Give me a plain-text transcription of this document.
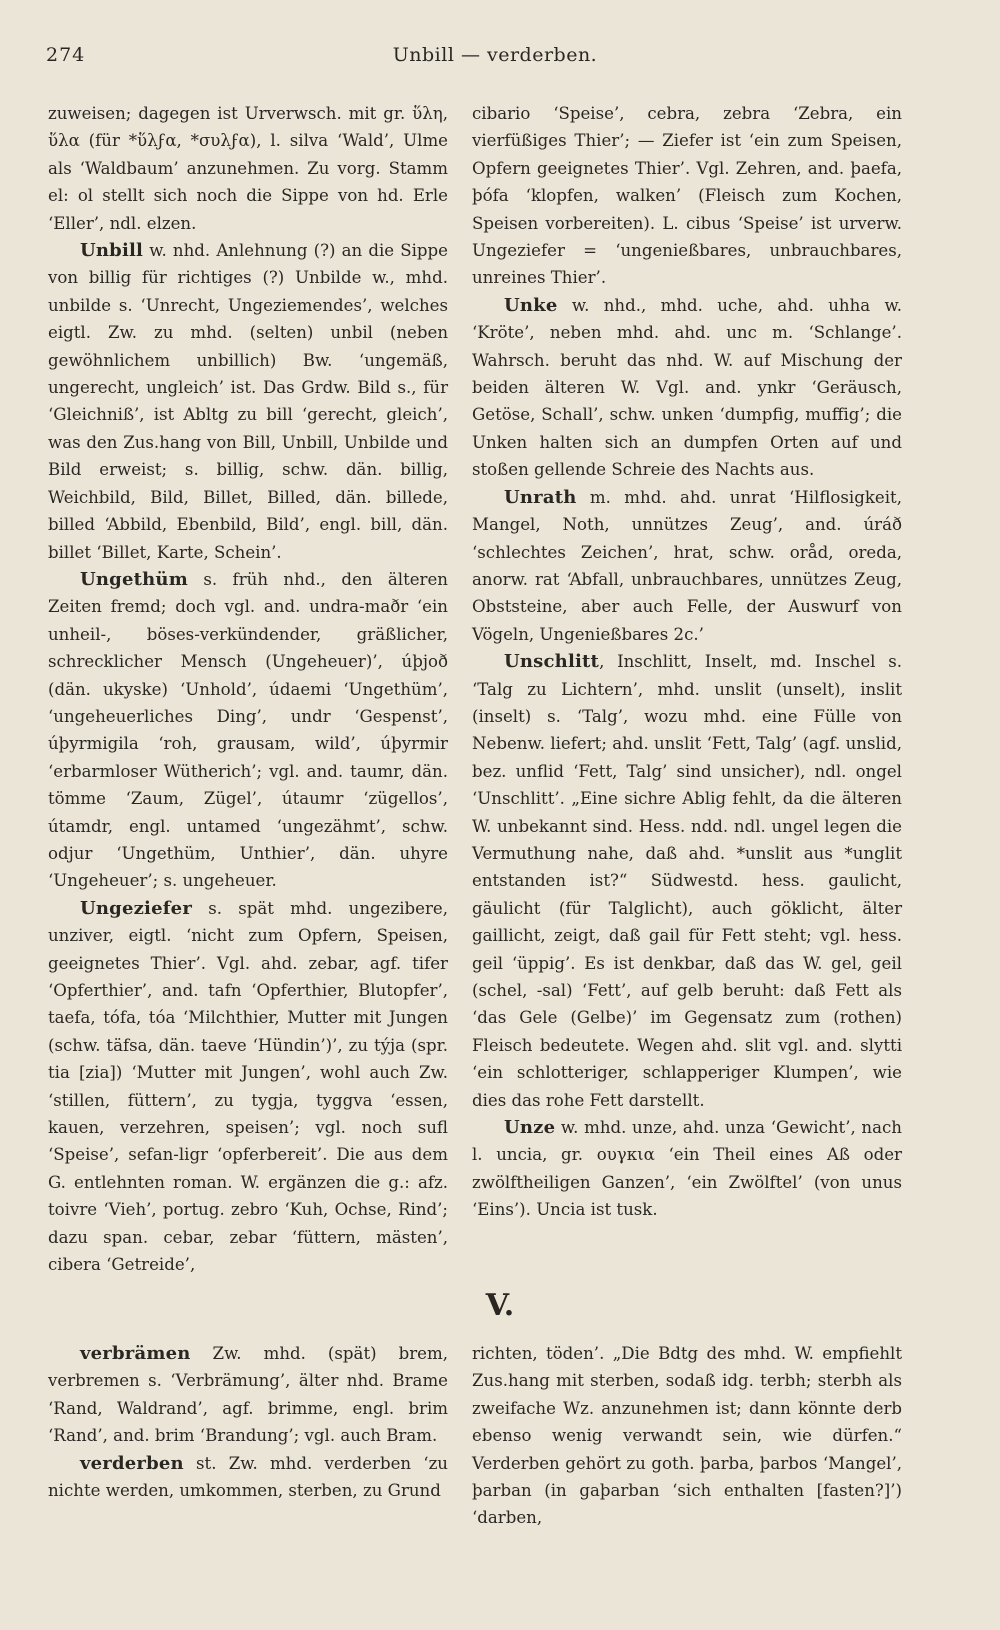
274	Unbill — verderben.

zuweisen; dagegen ist Urverwsch. mit gr. ὕλη, ὕλα (für *ὕλϝα, *συλϝα), l. silva ‘Wald’, Ulme als ‘Waldbaum’ anzunehmen. Zu vorg. Stamm el: ol stellt sich noch die Sippe von hd. Erle ‘Eller’, ndl. elzen.

Unbill w. nhd. Anlehnung (?) an die Sippe von billig für richtiges (?) Unbilde w., mhd. unbilde s. ‘Unrecht, Ungeziemendes’, welches eigtl. Zw. zu mhd. (selten) unbil (neben gewöhnlichem unbillich) Bw. ‘ungemäß, ungerecht, ungleich’ ist. Das Grdw. Bild s., für ‘Gleichniß’, ist Abltg zu bill ‘gerecht, gleich’, was den Zus.hang von Bill, Unbill, Unbilde und Bild erweist; s. billig, schw. dän. billig, Weichbild, Bild, Billet, Billed, dän. billede, billed ‘Abbild, Ebenbild, Bild’, engl. bill, dän. billet ‘Billet, Karte, Schein’.

Ungethüm s. früh nhd., den älteren Zeiten fremd; doch vgl. and. undra-maðr ‘ein unheil-, böses-verkündender, gräßlicher, schrecklicher Mensch (Ungeheuer)’, úþjoð (dän. ukyske) ‘Unhold’, údaemi ‘Ungethüm’, ‘ungeheuerliches Ding’, undr ‘Gespenst’, úþyrmigila ‘roh, grausam, wild’, úþyrmir ‘erbarmloser Wütherich’; vgl. and. taumr, dän. tömme ‘Zaum, Zügel’, útaumr ‘zügellos’, útamdr, engl. untamed ‘ungezähmt’, schw. odjur ‘Ungethüm, Unthier’, dän. uhyre ‘Ungeheuer’; s. ungeheuer.

Ungeziefer s. spät mhd. ungezibere, unziver, eigtl. ‘nicht zum Opfern, Speisen, geeignetes Thier’. Vgl. ahd. zebar, agf. tifer ‘Opferthier’, and. tafn ‘Opferthier, Blutopfer’, taefa, tófa, tóa ‘Milchthier, Mutter mit Jungen (schw. täfsa, dän. taeve ‘Hündin’)’, zu týja (spr. tia [zia]) ‘Mutter mit Jungen’, wohl auch Zw. ‘stillen, füttern’, zu tygja, tyggva ‘essen, kauen, verzehren, speisen’; vgl. noch sufl ‘Speise’, sefan-ligr ‘opferbereit’. Die aus dem G. entlehnten roman. W. ergänzen die g.: afz. toivre ‘Vieh’, portug. zebro ‘Kuh, Ochse, Rind’; dazu span. cebar, zebar ‘füttern, mästen’, cibera ‘Getreide’,

cibario ‘Speise’, cebra, zebra ‘Zebra, ein vierfüßiges Thier’; — Ziefer ist ‘ein zum Speisen, Opfern geeignetes Thier’. Vgl. Zehren, and. þaefa, þófa ‘klopfen, walken’ (Fleisch zum Kochen, Speisen vorbereiten). L. cibus ‘Speise’ ist urverw. Ungeziefer = ‘ungenießbares, unbrauchbares, unreines Thier’.

Unke w. nhd., mhd. uche, ahd. uhha w. ‘Kröte’, neben mhd. ahd. unc m. ‘Schlange’. Wahrsch. beruht das nhd. W. auf Mischung der beiden älteren W. Vgl. and. ynkr ‘Geräusch, Getöse, Schall’, schw. unken ‘dumpfig, muffig’; die Unken halten sich an dumpfen Orten auf und stoßen gellende Schreie des Nachts aus.

Unrath m. mhd. ahd. unrat ‘Hilflosigkeit, Mangel, Noth, unnützes Zeug’, and. úráð ‘schlechtes Zeichen’, hrat, schw. oråd, oreda, anorw. rat ‘Abfall, unbrauchbares, unnützes Zeug, Obststeine, aber auch Felle, der Auswurf von Vögeln, Ungenießbares 2c.’

Unschlitt, Inschlitt, Inselt, md. Inschel s. ‘Talg zu Lichtern’, mhd. unslit (unselt), inslit (inselt) s. ‘Talg’, wozu mhd. eine Fülle von Nebenw. liefert; ahd. unslit ‘Fett, Talg’ (agf. unslid, bez. unflid ‘Fett, Talg’ sind unsicher), ndl. ongel ‘Unschlitt’. „Eine sichre Ablig fehlt, da die älteren W. unbekannt sind. Hess. ndd. ndl. ungel legen die Vermuthung nahe, daß ahd. *unslit aus *unglit entstanden ist?“ Südwestd. hess. gaulicht, gäulicht (für Talglicht), auch göklicht, älter gaillicht, zeigt, daß gail für Fett steht; vgl. hess. geil ‘üppig’. Es ist denkbar, daß das W. gel, geil (schel, -sal) ‘Fett’, auf gelb beruht: daß Fett als ‘das Gele (Gelbe)’ im Gegensatz zum (rothen) Fleisch bedeutete. Wegen ahd. slit vgl. and. slytti ‘ein schlotteriger, schlapperiger Klumpen’, wie dies das rohe Fett darstellt.

Unze w. mhd. unze, ahd. unza ‘Gewicht’, nach l. uncia, gr. ουγκια ‘ein Theil eines Aß oder zwölftheiligen Ganzen’, ‘ein Zwölftel’ (von unus ‘Eins’). Uncia ist tusk.

V.

verbrämen Zw. mhd. (spät) brem, verbremen s. ‘Verbrämung’, älter nhd. Brame ‘Rand, Waldrand’, agf. brimme, engl. brim ‘Rand’, and. brim ‘Brandung’; vgl. auch Bram.

verderben st. Zw. mhd. verderben ‘zu nichte werden, umkommen, sterben, zu Grund

richten, töden’. „Die Bdtg des mhd. W. empfiehlt Zus.hang mit sterben, sodaß idg. terbh; sterbh als zweifache Wz. anzunehmen ist; dann könnte derb ebenso wenig verwandt sein, wie dürfen.“ Verderben gehört zu goth. þarba, þarbos ‘Mangel’, þarban (in gaþarban ‘sich enthalten [fasten?]’) ‘darben,
